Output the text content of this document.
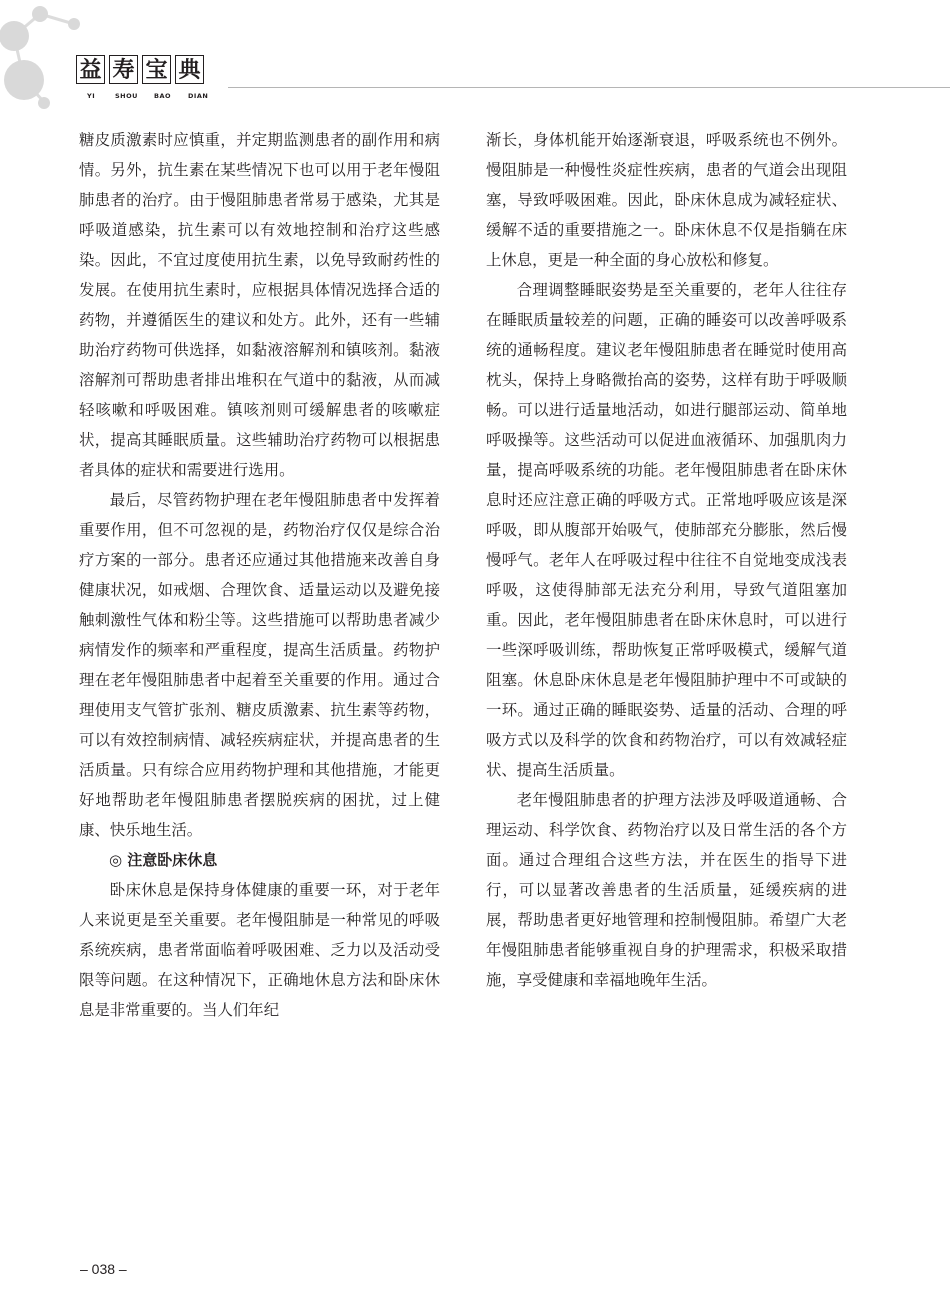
益 寿 宝 典
YI	SHOU BAO	DIAN

糖皮质激素时应慎重，并定期监测患者的副作用和病情。另外，抗生素在某些情况下也可以用于老年慢阻肺患者的治疗。由于慢阻肺患者常易于感染，尤其是呼吸道感染，抗生素可以有效地控制和治疗这些感染。因此，不宜过度使用抗生素，以免导致耐药性的发展。在使用抗生素时，应根据具体情况选择合适的药物，并遵循医生的建议和处方。此外，还有一些辅助治疗药物可供选择，如黏液溶解剂和镇咳剂。黏液溶解剂可帮助患者排出堆积在气道中的黏液，从而减轻咳嗽和呼吸困难。镇咳剂则可缓解患者的咳嗽症状，提高其睡眠质量。这些辅助治疗药物可以根据患者具体的症状和需要进行选用。

最后，尽管药物护理在老年慢阻肺患者中发挥着重要作用，但不可忽视的是，药物治疗仅仅是综合治疗方案的一部分。患者还应通过其他措施来改善自身健康状况，如戒烟、合理饮食、适量运动以及避免接触刺激性气体和粉尘等。这些措施可以帮助患者减少病情发作的频率和严重程度，提高生活质量。药物护理在老年慢阻肺患者中起着至关重要的作用。通过合理使用支气管扩张剂、糖皮质激素、抗生素等药物，可以有效控制病情、减轻疾病症状，并提高患者的生活质量。只有综合应用药物护理和其他措施，才能更好地帮助老年慢阻肺患者摆脱疾病的困扰，过上健康、快乐地生活。

◎ 注意卧床休息

卧床休息是保持身体健康的重要一环，对于老年人来说更是至关重要。老年慢阻肺是一种常见的呼吸系统疾病，患者常面临着呼吸困难、乏力以及活动受限等问题。在这种情况下，正确地休息方法和卧床休息是非常重要的。当人们年纪

渐长，身体机能开始逐渐衰退，呼吸系统也不例外。慢阻肺是一种慢性炎症性疾病，患者的气道会出现阻塞，导致呼吸困难。因此，卧床休息成为减轻症状、缓解不适的重要措施之一。卧床休息不仅是指躺在床上休息，更是一种全面的身心放松和修复。

合理调整睡眠姿势是至关重要的，老年人往往存在睡眠质量较差的问题，正确的睡姿可以改善呼吸系统的通畅程度。建议老年慢阻肺患者在睡觉时使用高枕头，保持上身略微抬高的姿势，这样有助于呼吸顺畅。可以进行适量地活动，如进行腿部运动、简单地呼吸操等。这些活动可以促进血液循环、加强肌肉力量，提高呼吸系统的功能。老年慢阻肺患者在卧床休息时还应注意正确的呼吸方式。正常地呼吸应该是深呼吸，即从腹部开始吸气，使肺部充分膨胀，然后慢慢呼气。老年人在呼吸过程中往往不自觉地变成浅表呼吸，这使得肺部无法充分利用，导致气道阻塞加重。因此，老年慢阻肺患者在卧床休息时，可以进行一些深呼吸训练，帮助恢复正常呼吸模式，缓解气道阻塞。休息卧床休息是老年慢阻肺护理中不可或缺的一环。通过正确的睡眠姿势、适量的活动、合理的呼吸方式以及科学的饮食和药物治疗，可以有效减轻症状、提高生活质量。

老年慢阻肺患者的护理方法涉及呼吸道通畅、合理运动、科学饮食、药物治疗以及日常生活的各个方面。通过合理组合这些方法，并在医生的指导下进行，可以显著改善患者的生活质量，延缓疾病的进展，帮助患者更好地管理和控制慢阻肺。希望广大老年慢阻肺患者能够重视自身的护理需求，积极采取措施，享受健康和幸福地晚年生活。

– 038 –
